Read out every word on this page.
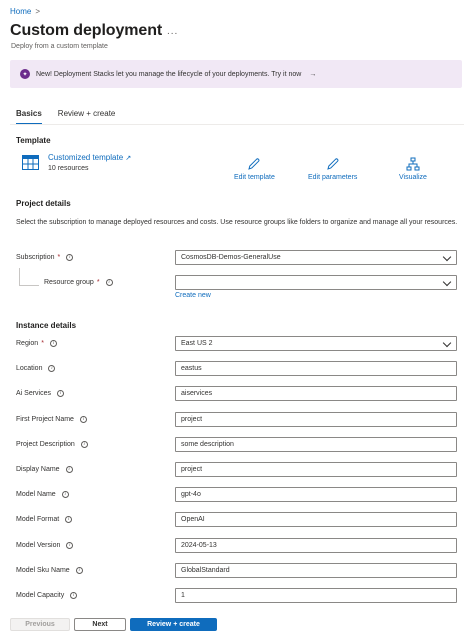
Home >
Custom deployment ...
Deploy from a custom template
✦	New! Deployment Stacks let you manage the lifecycle of your deployments. Try it now →
Basics Review + create
Template
Customized template ↗
10 resources
Edit template	Edit parameters	Visualize
Project details
Select the subscription to manage deployed resources and costs. Use resource groups like folders to organize and manage all your resources.
Subscription *	i	CosmosDB-Demos-GeneralUse
Resource group *	i
Create new
Instance details
Region *	i	East US 2
Location	i	eastus
Ai Services	i	aiservices
First Project Name	i	project
Project Description	i	some description
Display Name	i	project
Model Name	i	gpt-4o
Model Format	i	OpenAI
Model Version	i	2024-05-13
Model Sku Name	i	GlobalStandard
Model Capacity	i	1
Previous	Next	Review + create
